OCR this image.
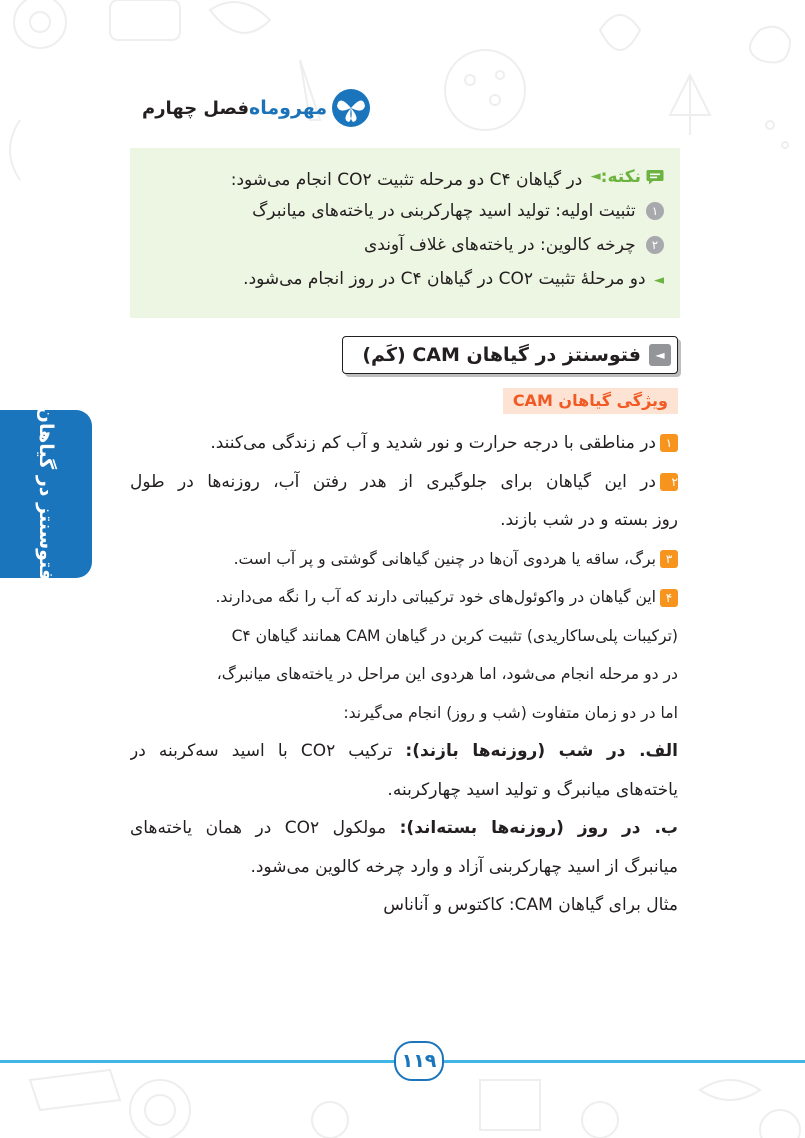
فصل چهارم مهروماه
نکته:
◄
در گیاهان C۴ دو مرحله تثبیت CO۲ انجام می‌شود:
۱ تثبیت اولیه: تولید اسید چهارکربنی در یاخته‌های میانبرگ
۲ چرخه کالوین: در یاخته‌های غلاف آوندی
◄ دو مرحلهٔ تثبیت CO۲ در گیاهان C۴ در روز انجام می‌شود.
◄
فتوسنتز در گیاهان CAM (کَم)
ویژگی گیاهان CAM
۱در مناطقی با درجه حرارت و نور شدید و آب کم زندگی می‌کنند.
۲در این گیاهان برای جلوگیری از هدر رفتن آب، روزنه‌ها در طول
روز بسته و در شب بازند.
۳برگ، ساقه یا هردوی آن‌ها در چنین گیاهانی گوشتی و پر آب است.
۴این گیاهان در واکوئول‌های خود ترکیباتی دارند که آب را نگه می‌دارند.
(ترکیبات پلی‌ساکاریدی) تثبیت کربن در گیاهان CAM همانند گیاهان C۴
در دو مرحله انجام می‌شود، اما هردوی این مراحل در یاخته‌های میانبرگ،
اما در دو زمان متفاوت (شب و روز) انجام می‌گیرند:
الف. در شب (روزنه‌ها بازند): ترکیب CO۲ با اسید سه‌کربنه در
یاخته‌های میانبرگ و تولید اسید چهارکربنه.
ب. در روز (روزنه‌ها بسته‌اند): مولکول CO۲ در همان یاخته‌های
میانبرگ از اسید چهارکربنی آزاد و وارد چرخه کالوین می‌شود.
مثال برای گیاهان CAM: کاکتوس و آناناس
فتوسنتز در گیاهان
۱۱۹
